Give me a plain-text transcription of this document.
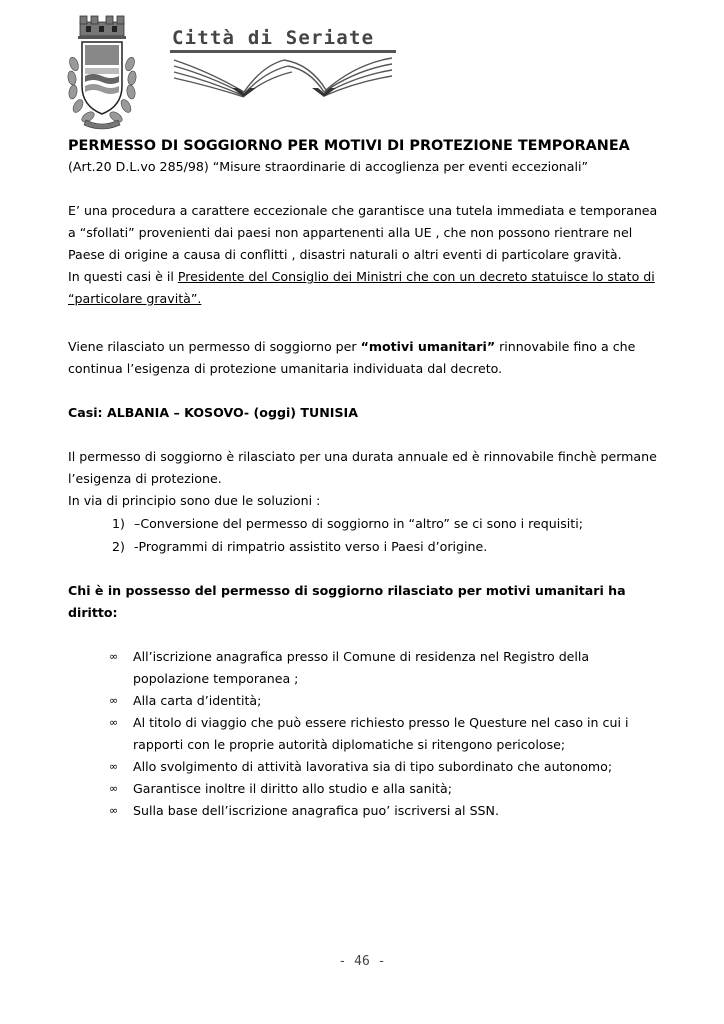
Città di Seriate
PERMESSO DI SOGGIORNO PER MOTIVI DI PROTEZIONE TEMPORANEA

(Art.20 D.L.vo 285/98) “Misure straordinarie di accoglienza per eventi eccezionali”

E’ una procedura a carattere eccezionale che garantisce una tutela immediata e temporanea a “sfollati” provenienti dai paesi non appartenenti alla UE , che non possono rientrare nel Paese di origine a causa di conflitti , disastri naturali o altri eventi di particolare gravità.
In questi casi è il Presidente del Consiglio dei Ministri che con un decreto statuisce lo stato di “particolare gravità”.

Viene rilasciato un permesso di soggiorno per “motivi umanitari” rinnovabile fino a che continua l’esigenza di protezione umanitaria individuata dal decreto.

Casi: ALBANIA – KOSOVO- (oggi) TUNISIA

Il permesso di soggiorno è rilasciato per una durata annuale ed è rinnovabile finchè permane l’esigenza di protezione.

In via di principio sono due le soluzioni :

1) –Conversione del permesso di soggiorno in “altro” se ci sono i requisiti;
2) -Programmi di rimpatrio assistito verso i Paesi d’origine.

Chi è in possesso del permesso di soggiorno rilasciato per motivi umanitari ha diritto:

∞ All’iscrizione anagrafica presso il Comune di residenza nel Registro della popolazione temporanea ;
∞ Alla carta d’identità;
∞ Al titolo di viaggio che può essere richiesto presso le Questure nel caso in cui i rapporti con le proprie autorità diplomatiche si ritengono pericolose;
∞ Allo svolgimento di attività lavorativa sia di tipo subordinato che autonomo;
∞ Garantisce inoltre il diritto allo studio e alla sanità;
∞ Sulla base dell’iscrizione anagrafica puo’ iscriversi al SSN.
- 46 -
